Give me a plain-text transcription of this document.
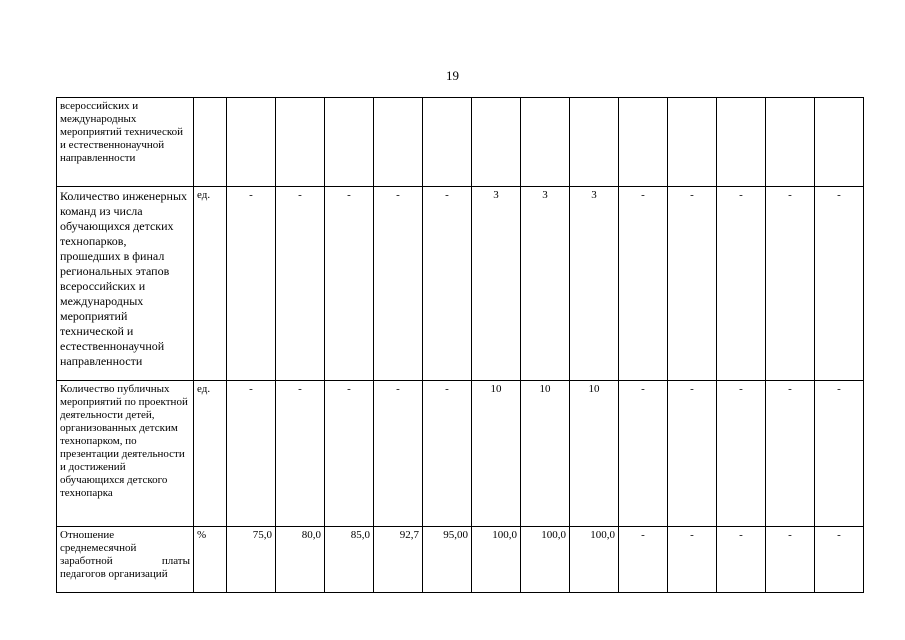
19
всероссийских и международных мероприятий технической и естественнонаучной направленности														
Количество инженерных команд из числа обучающихся детских технопарков, прошедших в финал региональных этапов всероссийских и международных мероприятий технической и естественнонаучной направленности	ед.	-	-	-	-	-	3	3	3	-	-	-	-	-
Количество публичных мероприятий по проектной деятельности детей, организованных детским технопарком, по презентации деятельности и достижений обучающихся детского технопарка	ед.	-	-	-	-	-	10	10	10	-	-	-	-	-
Отношение среднемесячной заработной платы педагогов организаций	%	75,0	80,0	85,0	92,7	95,00	100,0	100,0	100,0	-	-	-	-	-
